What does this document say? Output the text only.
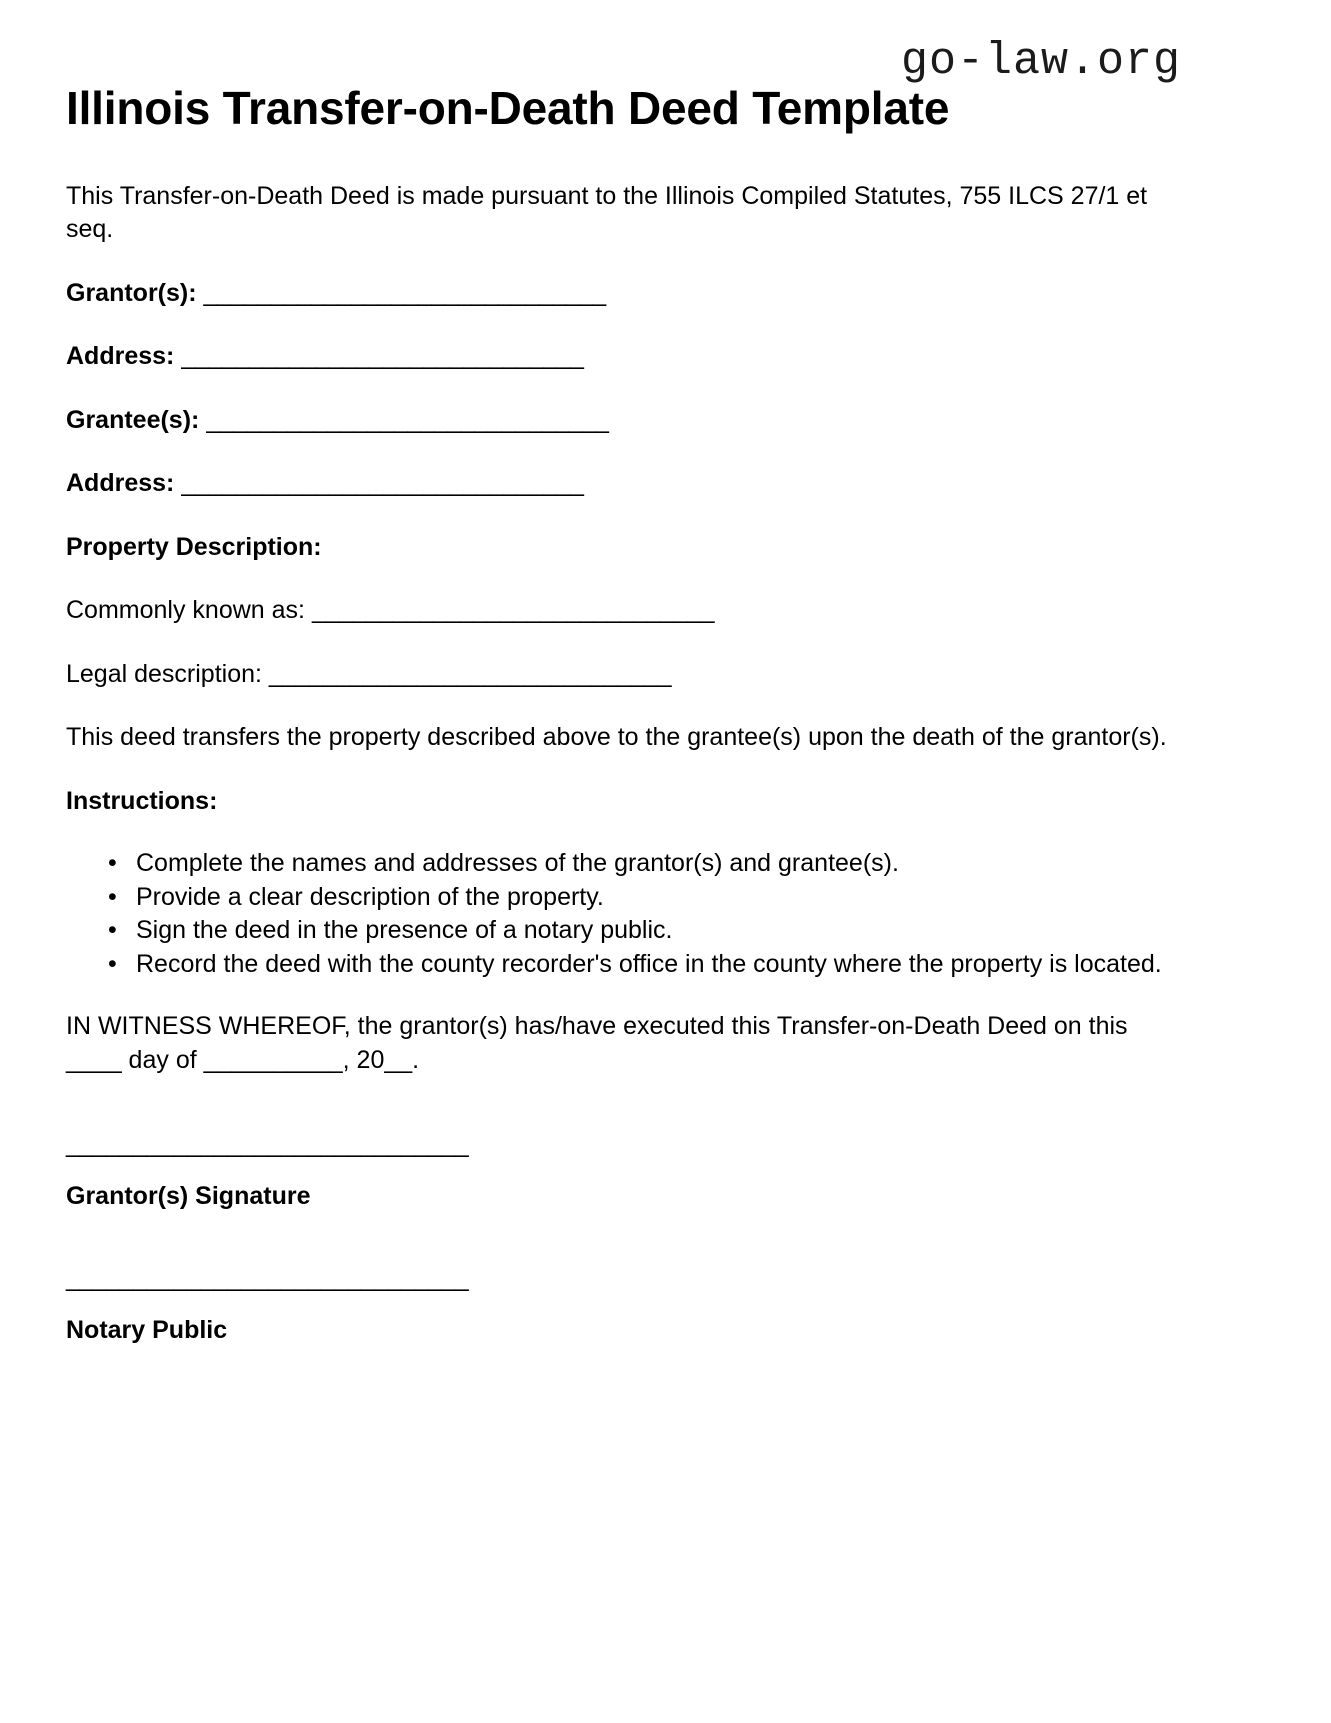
go-law.org
Illinois Transfer-on-Death Deed Template

This Transfer-on-Death Deed is made pursuant to the Illinois Compiled Statutes, 755 ILCS 27/1 et seq.

Grantor(s): ______________________________
Address: ______________________________
Grantee(s): ______________________________
Address: ______________________________
Property Description:
Commonly known as: ______________________________
Legal description: ______________________________

This deed transfers the property described above to the grantee(s) upon the death of the grantor(s).

Instructions:
• Complete the names and addresses of the grantor(s) and grantee(s).
• Provide a clear description of the property.
• Sign the deed in the presence of a notary public.
• Record the deed with the county recorder's office in the county where the property is located.

IN WITNESS WHEREOF, the grantor(s) has/have executed this Transfer-on-Death Deed on this ____ day of __________, 20__.

______________________________
Grantor(s) Signature
______________________________
Notary Public
